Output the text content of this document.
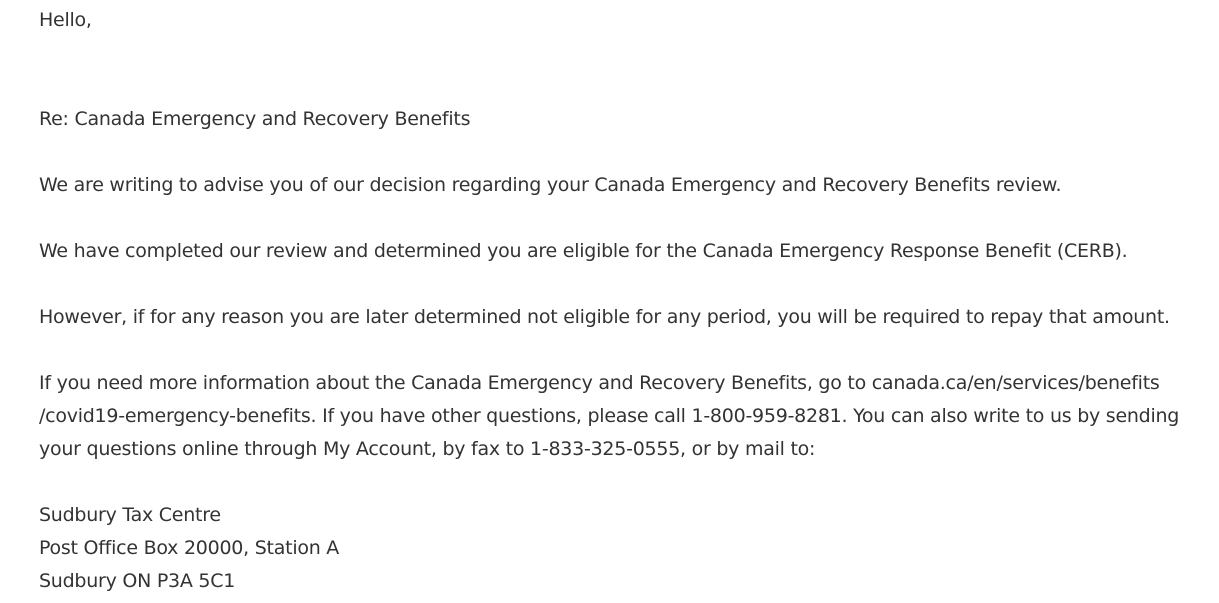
Hello,
Re: Canada Emergency and Recovery Benefits
We are writing to advise you of our decision regarding your Canada Emergency and Recovery Benefits review.
We have completed our review and determined you are eligible for the Canada Emergency Response Benefit (CERB).
However, if for any reason you are later determined not eligible for any period, you will be required to repay that amount.
If you need more information about the Canada Emergency and Recovery Benefits, go to canada.ca/en/services/benefits
/covid19-emergency-benefits. If you have other questions, please call 1-800-959-8281. You can also write to us by sending
your questions online through My Account, by fax to 1-833-325-0555, or by mail to:
Sudbury Tax Centre
Post Office Box 20000, Station A
Sudbury ON P3A 5C1
